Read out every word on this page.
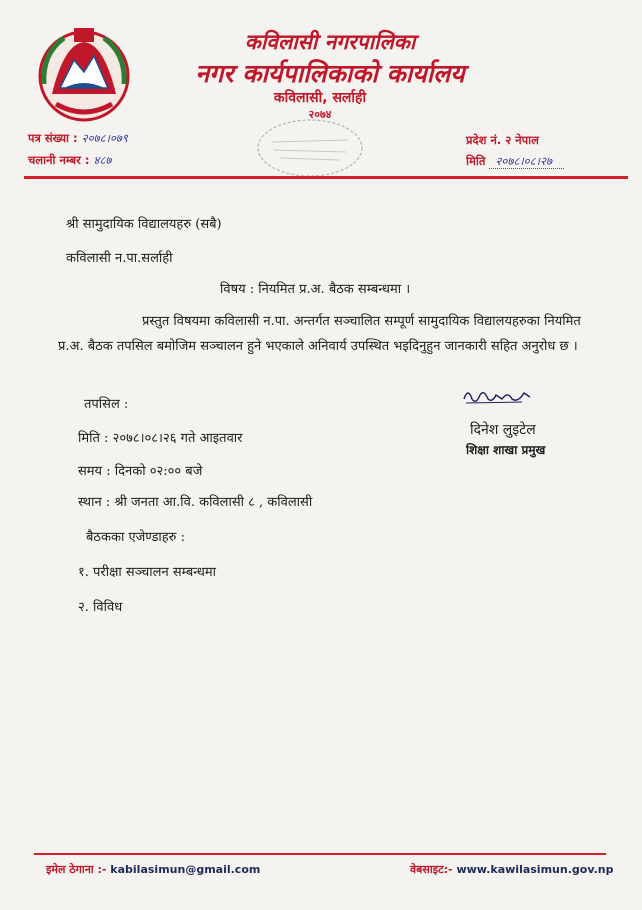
कविलासी नगरपालिका
नगर कार्यपालिकाको कार्यालय
कविलासी, सर्लाही
२०७४
पत्र संख्या : २०७८।०७९
चलानी नम्बर : ४८७
प्रदेश नं. २ नेपाल
मिति २०७८।०८।२७
श्री सामुदायिक विद्यालयहरु (सबै)
कविलासी न.पा.सर्लाही
विषय : नियमित प्र.अ. बैठक सम्बन्धमा ।
प्रस्तुत विषयमा कविलासी न.पा. अन्तर्गत सञ्चालित सम्पूर्ण सामुदायिक विद्यालयहरुका नियमित प्र.अ. बैठक तपसिल बमोजिम सञ्चालन हुने भएकाले अनिवार्य उपस्थित भइदिनुहुन जानकारी सहित अनुरोध छ ।
तपसिल :
मिति : २०७८।०८।२६ गते आइतवार
समय : दिनको ०२:०० बजे
स्थान : श्री जनता आ.वि. कविलासी ८ , कविलासी
बैठकका एजेण्डाहरु :
१. परीक्षा सञ्चालन सम्बन्धमा
२. विविध
दिनेश लुइटेल
शिक्षा शाखा प्रमुख
इमेल ठेगाना :- kabilasimun@gmail.com	वेबसाइट:- www.kawilasimun.gov.np
